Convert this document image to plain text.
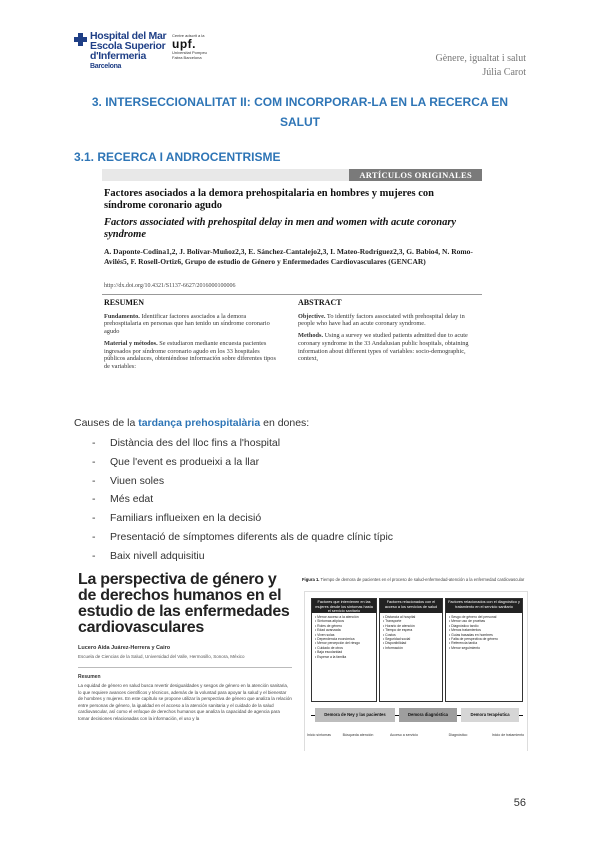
Hospital del Mar
Escola Superior
d'Infermeria
Barcelona
Centre adscrit a la
upf.
Universitat Pompeu Fabra Barcelona	Gènere, igualtat i salut
Júlia Carot
3. INTERSECCIONALITAT II: COM INCORPORAR-LA EN LA RECERCA EN SALUT
3.1. RECERCA I ANDROCENTRISME
ARTÍCULOS ORIGINALES
Factores asociados a la demora prehospitalaria en hombres y mujeres con síndrome coronario agudo
Factors associated with prehospital delay in men and women with acute coronary syndrome
A. Daponte-Codina1,2, J. Bolívar-Muñoz2,3, E. Sánchez-Cantalejo2,3, I. Mateo-Rodríguez2,3, G. Babio4, N. Romo-Avilés5, F. Rosell-Ortiz6, Grupo de estudio de Género y Enfermedades Cardiovasculares (GENCAR)
http://dx.doi.org/10.4321/S1137-6627/2016000100006
RESUMEN

Fundamento. Identificar factores asociados a la demora prehospitalaria en personas que han tenido un síndrome coronario agudo

Material y métodos. Se estudiaron mediante encuesta pacientes ingresados por síndrome coronario agudo en los 33 hospitales públicos andaluces, obteniéndose información sobre diferentes tipos de variables:

ABSTRACT

Objective. To identify factors associated with prehospital delay in people who have had an acute coronary syndrome.

Methods. Using a survey we studied patients admitted due to acute coronary syndrome in the 33 Andalusian public hospitals, obtaining information about different types of variables: socio-demographic, context,

Causes de la tardança prehospitalària en dones:
- Distància des del lloc fins a l'hospital
- Que l'event es produeixi a la llar
- Viuen soles
- Més edat
- Familiars influeixen en la decisió
- Presentació de símptomes diferents als de quadre clínic típic
- Baix nivell adquisitiu
La perspectiva de género y de derechos humanos en el estudio de las enfermedades cardiovasculares
Lucero Aída Juárez-Herrera y Cairo
Escuela de Ciencias de la Salud, Universidad del Valle, Hermosillo, Sonora, México
Resumen
La equidad de género en salud busca revertir desigualdades y sesgos de género en la atención sanitaria, lo que requiere avances científicos y técnicos, además de la voluntad para apoyar la salud y el bienestar de hombres y mujeres. En este capítulo se propone utilizar la perspectiva de género que analiza la relación entre personas de género, la igualdad en el acceso a la atención sanitaria y el cuidado de la salud cardiovascular, así como el enfoque de derechos humanos que analiza la capacidad de agencia para tomar decisiones relacionadas con la información, el uso y la
Figura 1. Tiempo de demora de pacientes en el proceso de salud-enfermedad-atención a la enfermedad cardiovascular
Factores que intervienen en las mujeres desde los síntomas hasta el servicio sanitario
• Menor acceso a la atención
• Síntomas atípicos
• Roles de género
• Edad avanzada
• Viven solas
• Dependencia económica
• Menor percepción del riesgo
• Cuidado de otros
• Baja escolaridad
• Esperar a la familia
Factores relacionados con el acceso a los servicios de salud
• Distancia al hospital
• Transporte
• Horario de atención
• Tiempo de espera
• Costos
• Seguridad social
• Disponibilidad
• Información
Factores relacionados con el diagnóstico y tratamiento en el servicio sanitario
• Sesgo de género del personal
• Menor uso de pruebas
• Diagnóstico tardío
• Menos tratamientos
• Guías basadas en hombres
• Falta de perspectiva de género
• Referencia tardía
• Menor seguimiento
Demora de Ney y las pacientes	Demora diagnóstica	Demora terapéutica
Inicio síntomas	Búsqueda atención	Acceso a servicio	Diagnóstico	Inicio de tratamiento
56
